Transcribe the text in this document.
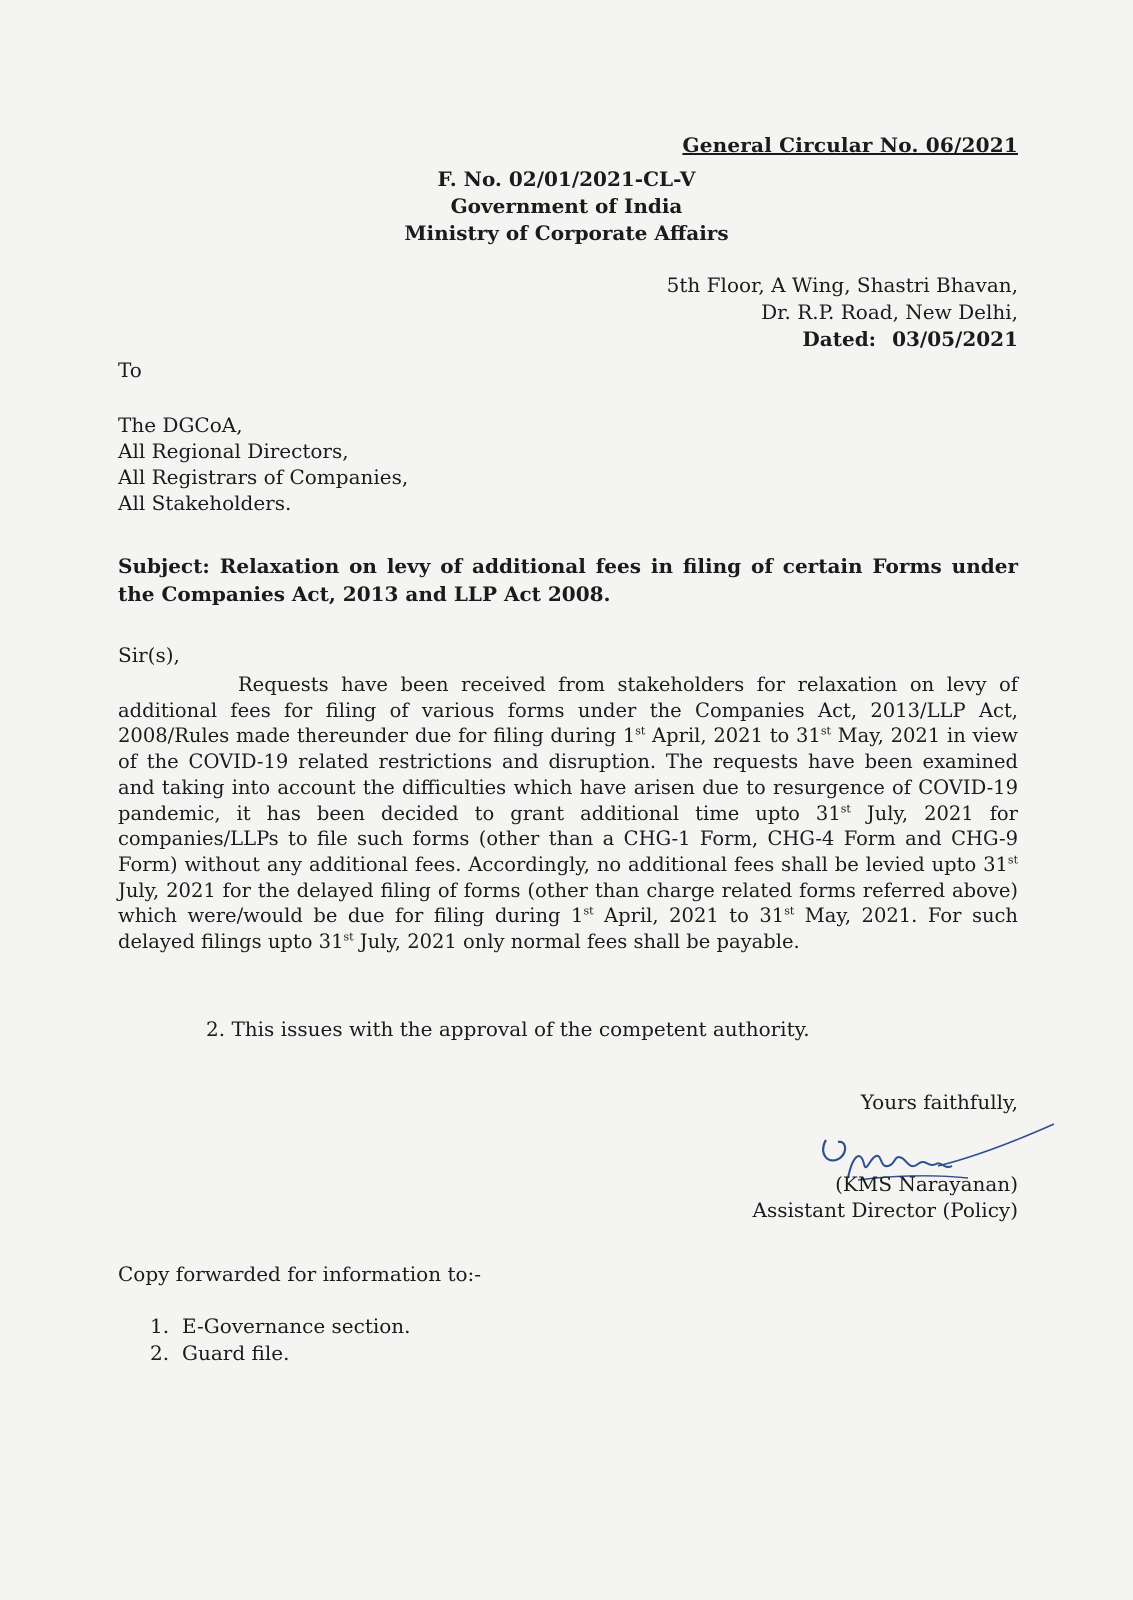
General Circular No. 06/2021
F. No. 02/01/2021-CL-V
Government of India
Ministry of Corporate Affairs
5th Floor, A Wing, Shastri Bhavan,
Dr. R.P. Road, New Delhi,
Dated: 03/05/2021
To
The DGCoA,
All Regional Directors,
All Registrars of Companies,
All Stakeholders.
Subject: Relaxation on levy of additional fees in filing of certain Forms under the Companies Act, 2013 and LLP Act 2008.
Sir(s),
Requests have been received from stakeholders for relaxation on levy of additional fees for filing of various forms under the Companies Act, 2013/LLP Act, 2008/Rules made thereunder due for filing during 1st April, 2021 to 31st May, 2021 in view of the COVID-19 related restrictions and disruption. The requests have been examined and taking into account the difficulties which have arisen due to resurgence of COVID-19 pandemic, it has been decided to grant additional time upto 31st July, 2021 for companies/LLPs to file such forms (other than a CHG-1 Form, CHG-4 Form and CHG-9 Form) without any additional fees. Accordingly, no additional fees shall be levied upto 31st July, 2021 for the delayed filing of forms (other than charge related forms referred above) which were/would be due for filing during 1st April, 2021 to 31st May, 2021. For such delayed filings upto 31st July, 2021 only normal fees shall be payable.
2. This issues with the approval of the competent authority.
Yours faithfully,
(KMS Narayanan)
Assistant Director (Policy)
Copy forwarded for information to:-
1. E-Governance section.
2. Guard file.
